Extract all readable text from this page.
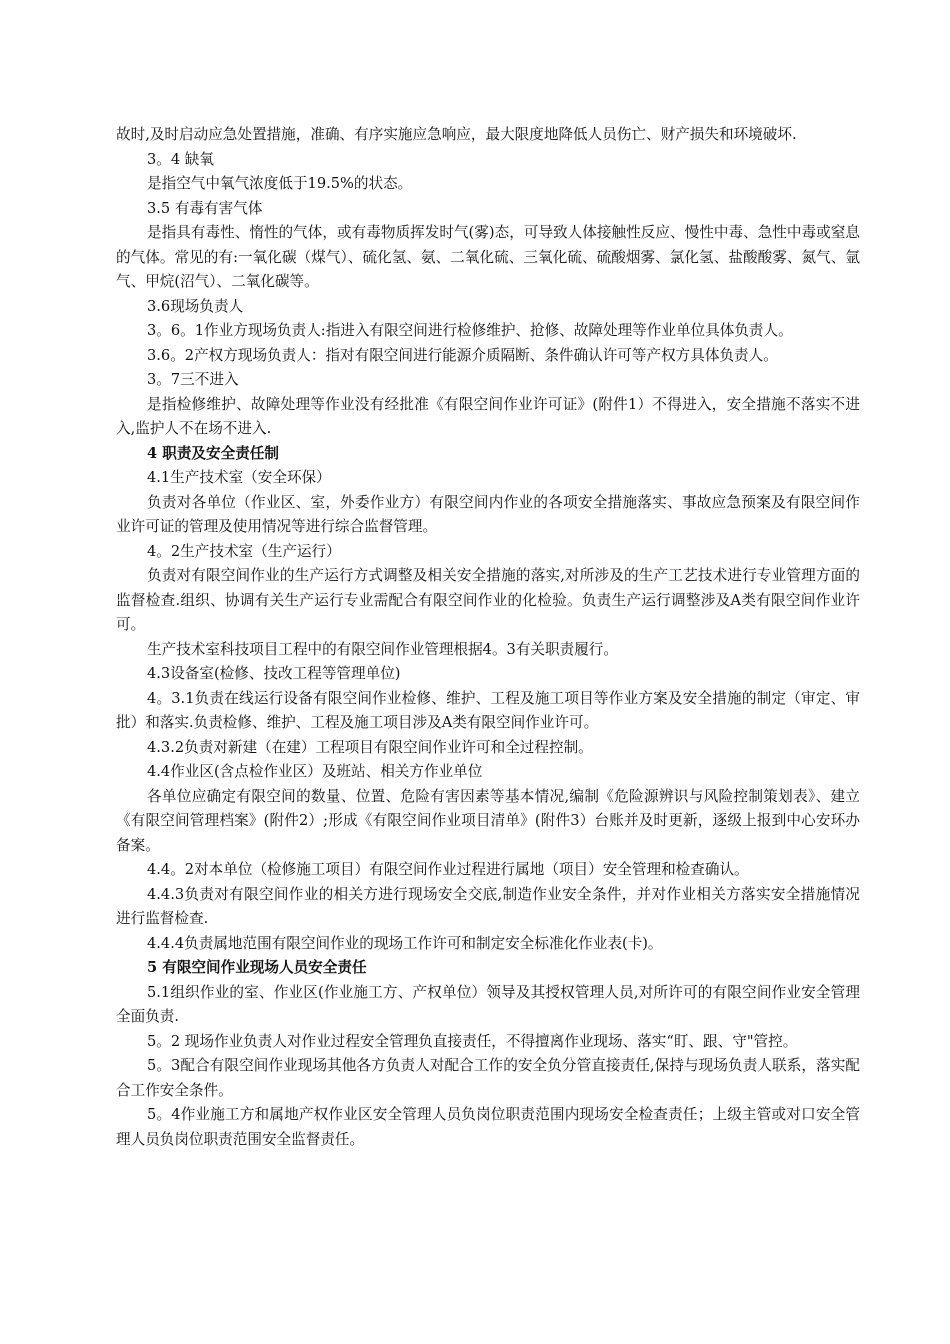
故时,及时启动应急处置措施，准确、有序实施应急响应，最大限度地降低人员伤亡、财产损失和环境破坏.

3。4 缺氧

是指空气中氧气浓度低于19.5%的状态。

3.5 有毒有害气体

是指具有毒性、惰性的气体，或有毒物质挥发时气(雾)态，可导致人体接触性反应、慢性中毒、急性中毒或窒息的气体。常见的有:一氧化碳（煤气）、硫化氢、氨、二氧化硫、三氧化硫、硫酸烟雾、氯化氢、盐酸酸雾、氮气、氩气、甲烷(沼气）、二氧化碳等。

3.6现场负责人

3。6。1作业方现场负责人:指进入有限空间进行检修维护、抢修、故障处理等作业单位具体负责人。

3.6。2产权方现场负责人：指对有限空间进行能源介质隔断、条件确认许可等产权方具体负责人。

3。7三不进入

是指检修维护、故障处理等作业没有经批准《有限空间作业许可证》(附件1）不得进入，安全措施不落实不进入,监护人不在场不进入.

4 职责及安全责任制

4.1生产技术室（安全环保）

负责对各单位（作业区、室，外委作业方）有限空间内作业的各项安全措施落实、事故应急预案及有限空间作业许可证的管理及使用情况等进行综合监督管理。

4。2生产技术室（生产运行）

负责对有限空间作业的生产运行方式调整及相关安全措施的落实,对所涉及的生产工艺技术进行专业管理方面的监督检查.组织、协调有关生产运行专业需配合有限空间作业的化检验。负责生产运行调整涉及A类有限空间作业许可。

生产技术室科技项目工程中的有限空间作业管理根据4。3有关职责履行。

4.3设备室(检修、技改工程等管理单位)

4。3.1负责在线运行设备有限空间作业检修、维护、工程及施工项目等作业方案及安全措施的制定（审定、审批）和落实.负责检修、维护、工程及施工项目涉及A类有限空间作业许可。

4.3.2负责对新建（在建）工程项目有限空间作业许可和全过程控制。

4.4作业区(含点检作业区）及班站、相关方作业单位

各单位应确定有限空间的数量、位置、危险有害因素等基本情况,编制《危险源辨识与风险控制策划表》、建立《有限空间管理档案》(附件2）;形成《有限空间作业项目清单》(附件3）台账并及时更新，逐级上报到中心安环办备案。

4.4。2对本单位（检修施工项目）有限空间作业过程进行属地（项目）安全管理和检查确认。

4.4.3负责对有限空间作业的相关方进行现场安全交底,制造作业安全条件，并对作业相关方落实安全措施情况进行监督检查.

4.4.4负责属地范围有限空间作业的现场工作许可和制定安全标准化作业表(卡)。

5 有限空间作业现场人员安全责任

5.1组织作业的室、作业区(作业施工方、产权单位）领导及其授权管理人员,对所许可的有限空间作业安全管理全面负责.

5。2 现场作业负责人对作业过程安全管理负直接责任，不得擅离作业现场、落实“盯、跟、守"管控。

5。3配合有限空间作业现场其他各方负责人对配合工作的安全负分管直接责任,保持与现场负责人联系，落实配合工作安全条件。

5。4作业施工方和属地产权作业区安全管理人员负岗位职责范围内现场安全检查责任；上级主管或对口安全管理人员负岗位职责范围安全监督责任。
